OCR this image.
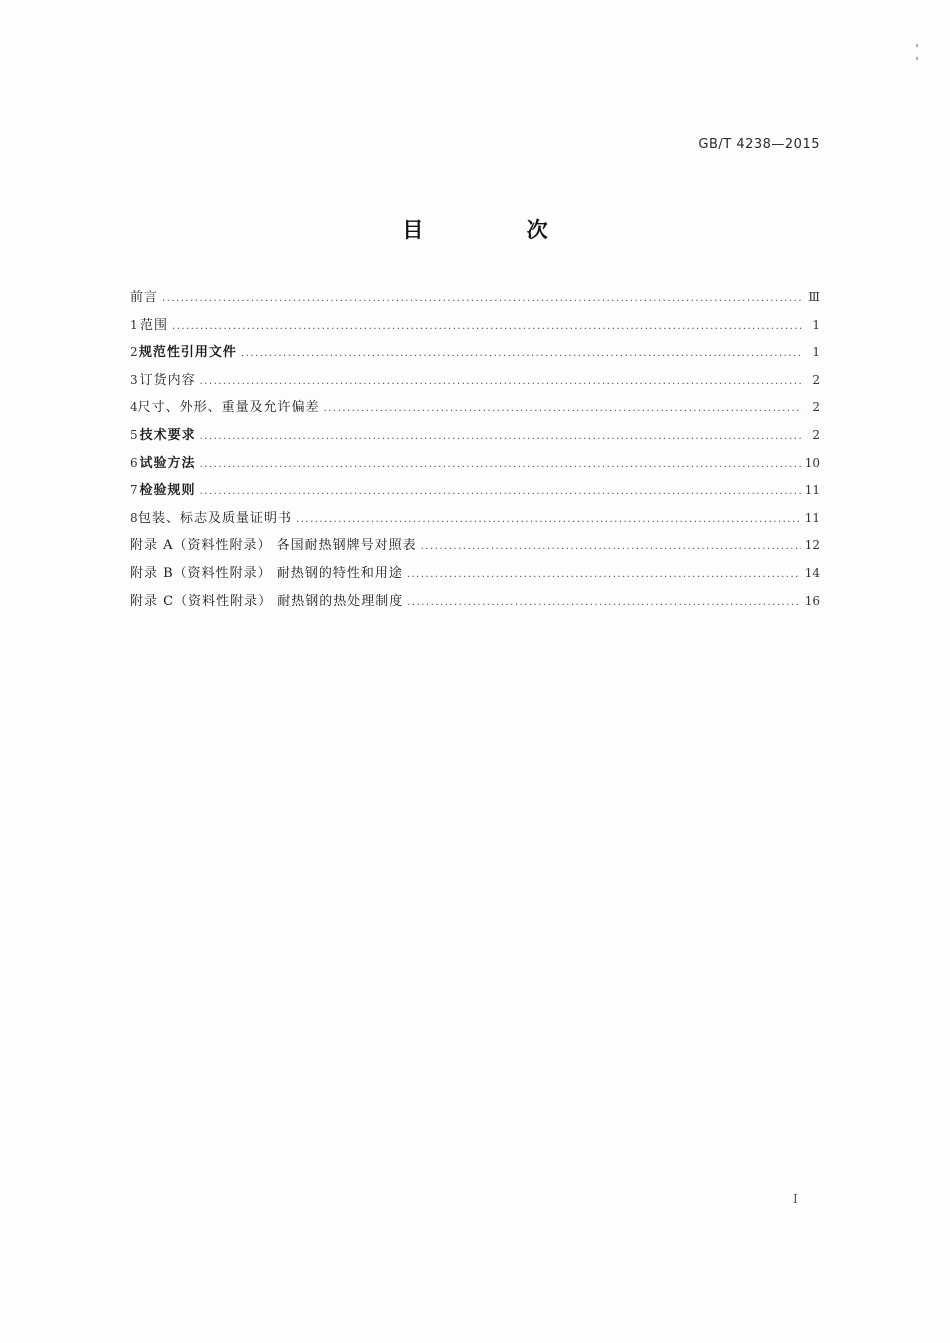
GB/T 4238—2015
目 次
前言 .....	Ⅲ
1 范围 .....	1
2 规范性引用文件 .....	1
3 订货内容 .....	2
4 尺寸、外形、重量及允许偏差 .....	2
5 技术要求 .....	2
6 试验方法 .....	10
7 检验规则 .....	11
8 包装、标志及质量证明书 .....	11
附录 A（资料性附录） 各国耐热钢牌号对照表 .....	12
附录 B（资料性附录） 耐热钢的特性和用途 .....	14
附录 C（资料性附录） 耐热钢的热处理制度 .....	16
I
